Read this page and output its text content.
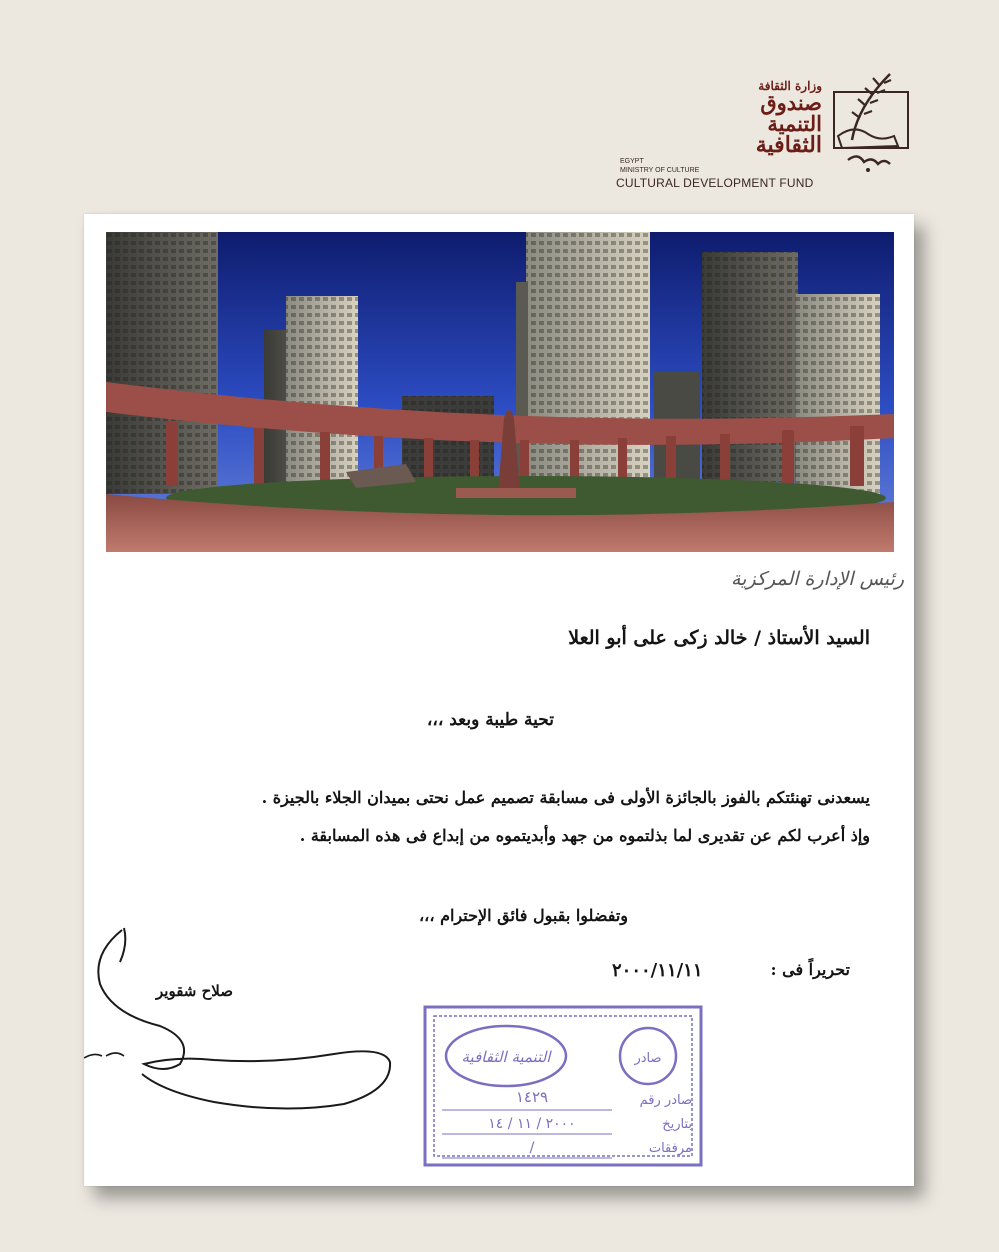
وزارة الثقافة
صندوق
التنمية
الثقافية
EGYPT
MINISTRY OF CULTURE
CULTURAL DEVELOPMENT FUND
رئيس الإدارة المركزية
السيد الأستاذ / خالد زكى على أبو العلا
تحية طيبة وبعد ،،،
يسعدنى تهنئتكم بالفوز بالجائزة الأولى فى مسابقة تصميم عمل نحتى بميدان الجلاء بالجيزة .
وإذ أعرب لكم عن تقديرى لما بذلتموه من جهد وأبديتموه من إبداع فى هذه المسابقة .
وتفضلوا بقبول فائق الإحترام ،،،
تحريراً فى :
٢٠٠٠/١١/١١
صلاح شقوير
صادر
التنمية الثقافية
صادر رقم
١٤٢٩
بتاريخ
٢٠٠٠ / ١١ / ١٤
مرفقات
/
